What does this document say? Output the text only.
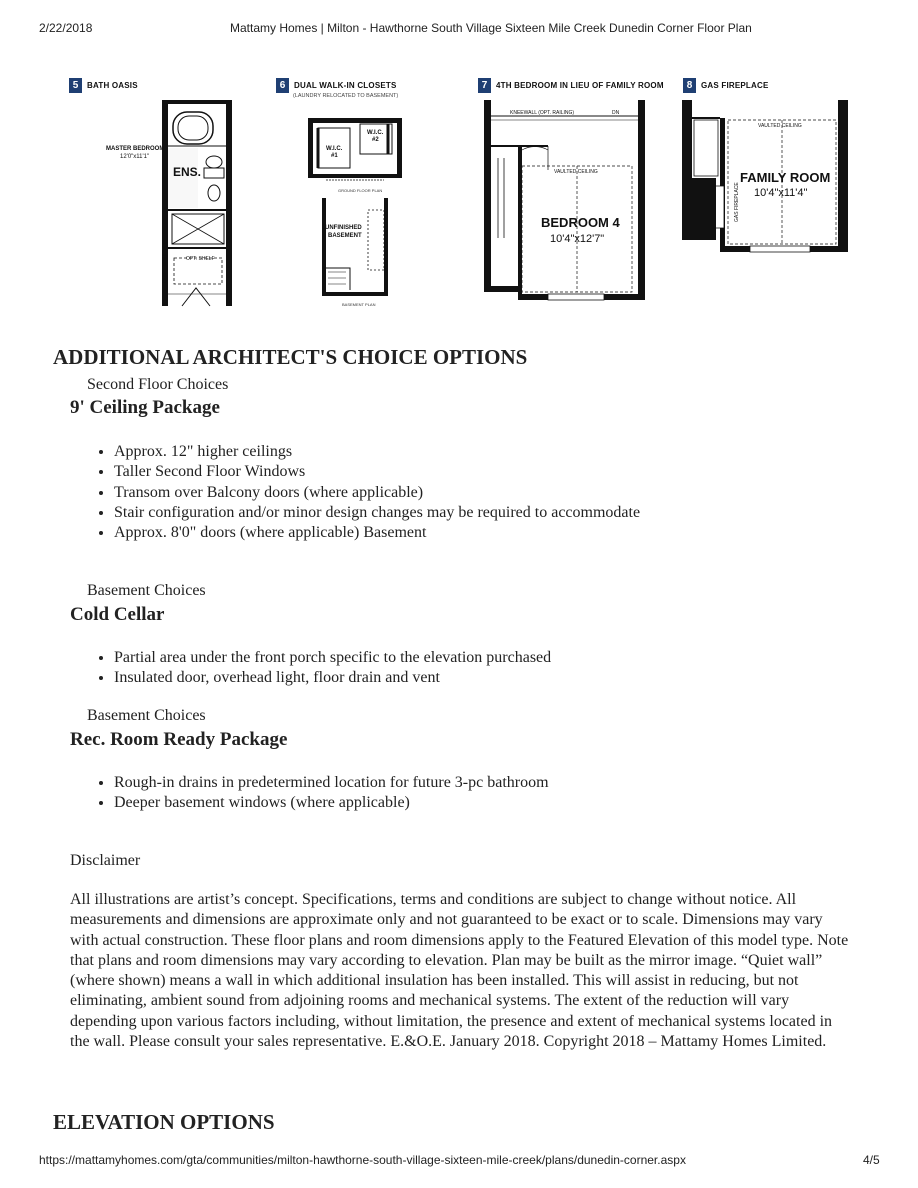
2/22/2018	Mattamy Homes | Milton - Hawthorne South Village Sixteen Mile Creek Dunedin Corner Floor Plan
5	BATH OASIS
MASTER BEDROOM
12'0"x11'1"
ENS.
OPT. SHELF
QUIET WALL
6	DUAL WALK-IN CLOSETS
(LAUNDRY RELOCATED TO BASEMENT)
W.I.C.
#1
W.I.C.
#2
GROUND FLOOR PLAN
UNFINISHED
BASEMENT
BASEMENT PLAN
7	4TH BEDROOM IN LIEU OF FAMILY ROOM
KNEEWALL (OPT. RAILING)	DN
VAULTED CEILING
BEDROOM 4
10'4"x12'7"
8	GAS FIREPLACE
VAULTED CEILING
FAMILY ROOM
10'4"x11'4"
GAS FIREPLACE
ADDITIONAL ARCHITECT'S CHOICE OPTIONS
Second Floor Choices
9' Ceiling Package
• Approx. 12" higher ceilings
• Taller Second Floor Windows
• Transom over Balcony doors (where applicable)
• Stair configuration and/or minor design changes may be required to accommodate
• Approx. 8'0" doors (where applicable) Basement
Basement Choices
Cold Cellar
• Partial area under the front porch specific to the elevation purchased
• Insulated door, overhead light, floor drain and vent
Basement Choices
Rec. Room Ready Package
• Rough-in drains in predetermined location for future 3-pc bathroom
• Deeper basement windows (where applicable)
Disclaimer

All illustrations are artist’s concept. Specifications, terms and conditions are subject to change without notice. All measurements and dimensions are approximate only and not guaranteed to be exact or to scale. Dimensions may vary with actual construction. These floor plans and room dimensions apply to the Featured Elevation of this model type. Note that plans and room dimensions may vary according to elevation. Plan may be built as the mirror image. “Quiet wall” (where shown) means a wall in which additional insulation has been installed. This will assist in reducing, but not eliminating, ambient sound from adjoining rooms and mechanical systems. The extent of the reduction will vary depending upon various factors including, without limitation, the presence and extent of mechanical systems located in the wall. Please consult your sales representative. E.&O.E. January 2018. Copyright 2018 – Mattamy Homes Limited.

ELEVATION OPTIONS
https://mattamyhomes.com/gta/communities/milton-hawthorne-south-village-sixteen-mile-creek/plans/dunedin-corner.aspx	4/5
